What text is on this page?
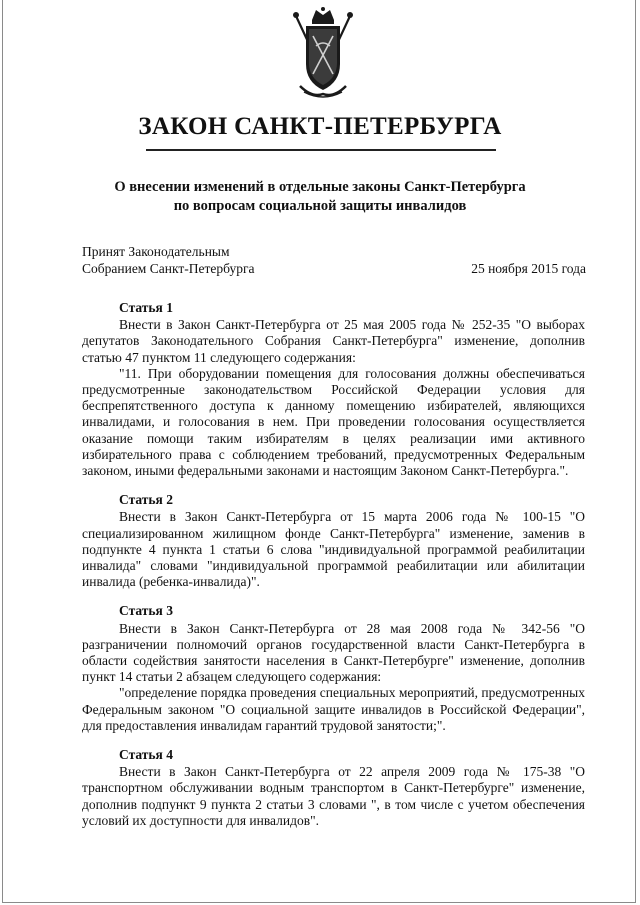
ЗАКОН САНКТ-ПЕТЕРБУРГА
О внесении изменений в отдельные законы Санкт-Петербурга
по вопросам социальной защиты инвалидов
Принят Законодательным
Собранием Санкт-Петербурга	25 ноября 2015 года
Статья 1

Внести в Закон Санкт-Петербурга от 25 мая 2005 года № 252-35 "О выборах депутатов Законодательного Собрания Санкт-Петербурга" изменение, дополнив статью 47 пунктом 11 следующего содержания:

"11. При оборудовании помещения для голосования должны обеспечиваться предусмотренные законодательством Российской Федерации условия для беспрепятственного доступа к данному помещению избирателей, являющихся инвалидами, и голосования в нем. При проведении голосования осуществляется оказание помощи таким избирателям в целях реализации ими активного избирательного права с соблюдением требований, предусмотренных Федеральным законом, иными федеральными законами и настоящим Законом Санкт-Петербурга.".

Статья 2

Внести в Закон Санкт-Петербурга от 15 марта 2006 года № 100-15 "О специализированном жилищном фонде Санкт-Петербурга" изменение, заменив в подпункте 4 пункта 1 статьи 6 слова "индивидуальной программой реабилитации инвалида" словами "индивидуальной программой реабилитации или абилитации инвалида (ребенка-инвалида)".

Статья 3

Внести в Закон Санкт-Петербурга от 28 мая 2008 года № 342-56 "О разграничении полномочий органов государственной власти Санкт-Петербурга в области содействия занятости населения в Санкт-Петербурге" изменение, дополнив пункт 14 статьи 2 абзацем следующего содержания:

"определение порядка проведения специальных мероприятий, предусмотренных Федеральным законом "О социальной защите инвалидов в Российской Федерации", для предоставления инвалидам гарантий трудовой занятости;".

Статья 4

Внести в Закон Санкт-Петербурга от 22 апреля 2009 года № 175-38 "О транспортном обслуживании водным транспортом в Санкт-Петербурге" изменение, дополнив подпункт 9 пункта 2 статьи 3 словами ", в том числе с учетом обеспечения условий их доступности для инвалидов".
